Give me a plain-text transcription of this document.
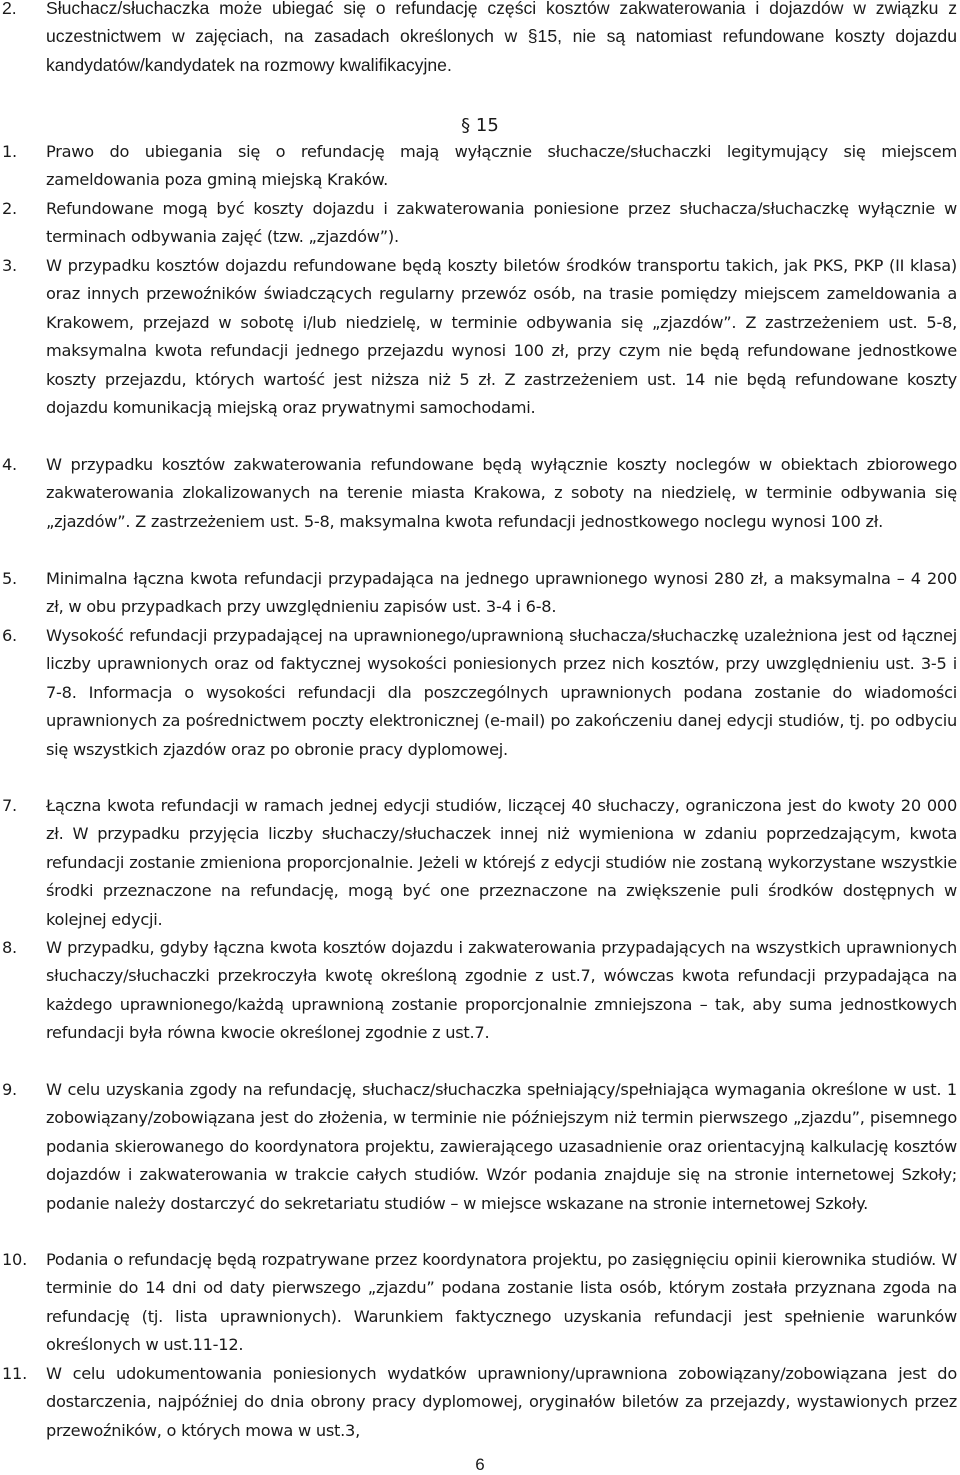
2. Słuchacz/słuchaczka może ubiegać się o refundację części kosztów zakwaterowania i dojazdów w związku z uczestnictwem w zajęciach, na zasadach określonych w §15, nie są natomiast refundowane koszty dojazdu kandydatów/kandydatek na rozmowy kwalifikacyjne.
§ 15
1. Prawo do ubiegania się o refundację mają wyłącznie słuchacze/słuchaczki legitymujący się miejscem zameldowania poza gminą miejską Kraków.
2. Refundowane mogą być koszty dojazdu i zakwaterowania poniesione przez słuchacza/słuchaczkę wyłącznie w terminach odbywania zajęć (tzw. „zjazdów”).
3. W przypadku kosztów dojazdu refundowane będą koszty biletów środków transportu takich, jak PKS, PKP (II klasa) oraz innych przewoźników świadczących regularny przewóz osób, na trasie pomiędzy miejscem zameldowania a Krakowem, przejazd w sobotę i/lub niedzielę, w terminie odbywania się „zjazdów”. Z zastrzeżeniem ust. 5-8, maksymalna kwota refundacji jednego przejazdu wynosi 100 zł, przy czym nie będą refundowane jednostkowe koszty przejazdu, których wartość jest niższa niż 5 zł. Z zastrzeżeniem ust. 14 nie będą refundowane koszty dojazdu komunikacją miejską oraz prywatnymi samochodami.
4. W przypadku kosztów zakwaterowania refundowane będą wyłącznie koszty noclegów w obiektach zbiorowego zakwaterowania zlokalizowanych na terenie miasta Krakowa, z soboty na niedzielę, w terminie odbywania się „zjazdów”. Z zastrzeżeniem ust. 5-8, maksymalna kwota refundacji jednostkowego noclegu wynosi 100 zł.
5. Minimalna łączna kwota refundacji przypadająca na jednego uprawnionego wynosi 280 zł, a maksymalna – 4 200 zł, w obu przypadkach przy uwzględnieniu zapisów ust. 3-4 i 6-8.
6. Wysokość refundacji przypadającej na uprawnionego/uprawnioną słuchacza/słuchaczkę uzależniona jest od łącznej liczby uprawnionych oraz od faktycznej wysokości poniesionych przez nich kosztów, przy uwzględnieniu ust. 3-5 i 7-8. Informacja o wysokości refundacji dla poszczególnych uprawnionych podana zostanie do wiadomości uprawnionych za pośrednictwem poczty elektronicznej (e-mail) po zakończeniu danej edycji studiów, tj. po odbyciu się wszystkich zjazdów oraz po obronie pracy dyplomowej.
7. Łączna kwota refundacji w ramach jednej edycji studiów, liczącej 40 słuchaczy, ograniczona jest do kwoty 20 000 zł. W przypadku przyjęcia liczby słuchaczy/słuchaczek innej niż wymieniona w zdaniu poprzedzającym, kwota refundacji zostanie zmieniona proporcjonalnie. Jeżeli w którejś z edycji studiów nie zostaną wykorzystane wszystkie środki przeznaczone na refundację, mogą być one przeznaczone na zwiększenie puli środków dostępnych w kolejnej edycji.
8. W przypadku, gdyby łączna kwota kosztów dojazdu i zakwaterowania przypadających na wszystkich uprawnionych słuchaczy/słuchaczki przekroczyła kwotę określoną zgodnie z ust.7, wówczas kwota refundacji przypadająca na każdego uprawnionego/każdą uprawnioną zostanie proporcjonalnie zmniejszona – tak, aby suma jednostkowych refundacji była równa kwocie określonej zgodnie z ust.7.
9. W celu uzyskania zgody na refundację, słuchacz/słuchaczka spełniający/spełniająca wymagania określone w ust. 1 zobowiązany/zobowiązana jest do złożenia, w terminie nie późniejszym niż termin pierwszego „zjazdu”, pisemnego podania skierowanego do koordynatora projektu, zawierającego uzasadnienie oraz orientacyjną kalkulację kosztów dojazdów i zakwaterowania w trakcie całych studiów. Wzór podania znajduje się na stronie internetowej Szkoły; podanie należy dostarczyć do sekretariatu studiów – w miejsce wskazane na stronie internetowej Szkoły.
10. Podania o refundację będą rozpatrywane przez koordynatora projektu, po zasięgnięciu opinii kierownika studiów. W terminie do 14 dni od daty pierwszego „zjazdu” podana zostanie lista osób, którym została przyznana zgoda na refundację (tj. lista uprawnionych). Warunkiem faktycznego uzyskania refundacji jest spełnienie warunków określonych w ust.11-12.
11. W celu udokumentowania poniesionych wydatków uprawniony/uprawniona zobowiązany/zobowiązana jest do dostarczenia, najpóźniej do dnia obrony pracy dyplomowej, oryginałów biletów za przejazdy, wystawionych przez przewoźników, o których mowa w ust.3,
6
